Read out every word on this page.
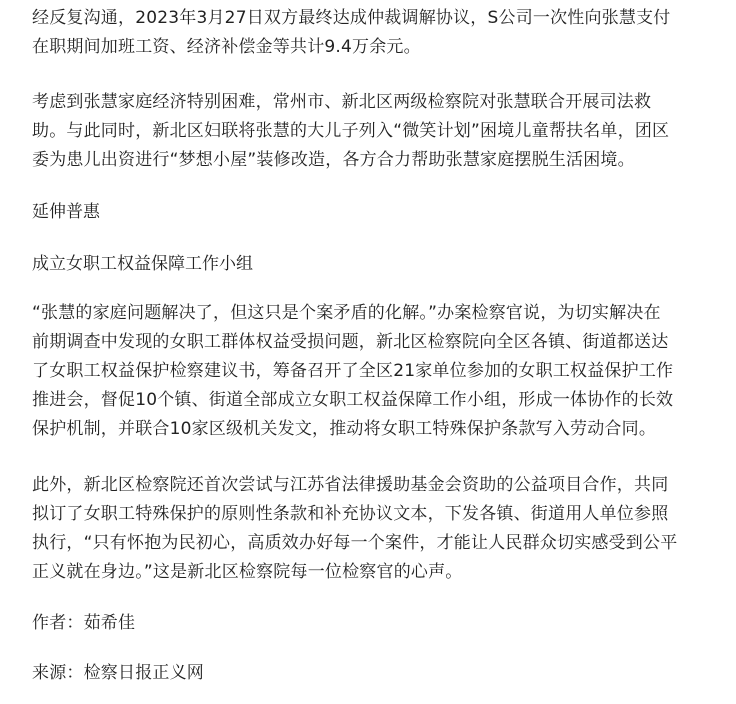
经反复沟通，2023年3月27日双方最终达成仲裁调解协议，S公司一次性向张慧支付
在职期间加班工资、经济补偿金等共计9.4万余元。

考虑到张慧家庭经济特别困难，常州市、新北区两级检察院对张慧联合开展司法救
助。与此同时，新北区妇联将张慧的大儿子列入“微笑计划”困境儿童帮扶名单，团区
委为患儿出资进行“梦想小屋”装修改造，各方合力帮助张慧家庭摆脱生活困境。

延伸普惠

成立女职工权益保障工作小组

“张慧的家庭问题解决了，但这只是个案矛盾的化解。”办案检察官说，为切实解决在
前期调查中发现的女职工群体权益受损问题，新北区检察院向全区各镇、街道都送达
了女职工权益保护检察建议书，筹备召开了全区21家单位参加的女职工权益保护工作
推进会，督促10个镇、街道全部成立女职工权益保障工作小组，形成一体协作的长效
保护机制，并联合10家区级机关发文，推动将女职工特殊保护条款写入劳动合同。

此外，新北区检察院还首次尝试与江苏省法律援助基金会资助的公益项目合作，共同
拟订了女职工特殊保护的原则性条款和补充协议文本，下发各镇、街道用人单位参照
执行，“只有怀抱为民初心，高质效办好每一个案件，才能让人民群众切实感受到公平
正义就在身边。”这是新北区检察院每一位检察官的心声。

作者：茹希佳

来源：检察日报正义网
